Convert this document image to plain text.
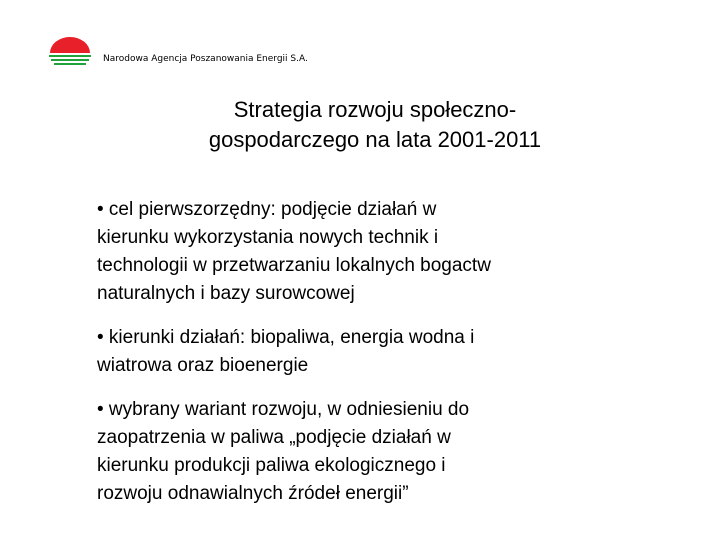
Narodowa Agencja Poszanowania Energii S.A.
Strategia rozwoju społeczno-
gospodarczego na lata 2001-2011
• cel pierwszorzędny: podjęcie działań w
kierunku wykorzystania nowych technik i
technologii w przetwarzaniu lokalnych bogactw
naturalnych i bazy surowcowej
• kierunki działań: biopaliwa, energia wodna i
wiatrowa oraz bioenergie
• wybrany wariant rozwoju, w odniesieniu do
zaopatrzenia w paliwa „podjęcie działań w
kierunku produkcji paliwa ekologicznego i
rozwoju odnawialnych źródeł energii”
